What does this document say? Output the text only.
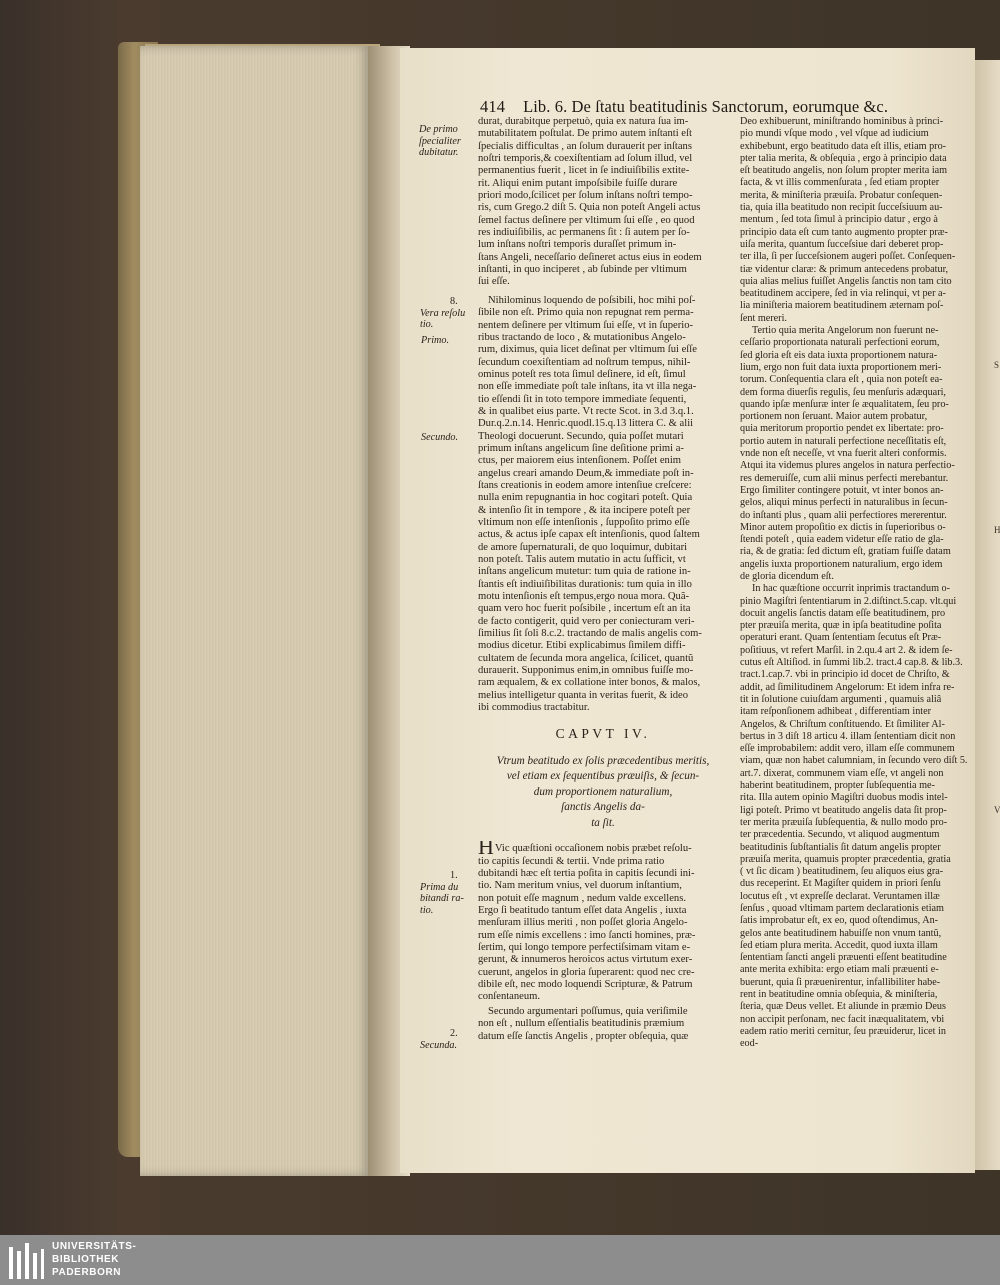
S
H
V
414 Lib. 6. De ſtatu beatitudinis Sanctorum, eorumque &c.
De primo
ſpecialiter
dubitatur.
8.
Vera reſolu
tio.
Primo.
Secundo.
1.
Prima du
bitandi ra-
tio.
2.
Secunda.
durat, durabitque perpetuò, quia ex natura ſua im-
mutabilitatem poſtulat. De primo autem inſtanti eſt
ſpecialis difficultas , an ſolum durauerit per inſtans
noſtri temporis,& coexiſtentiam ad ſolum illud, vel
permanentius fuerit , licet in ſe indiuiſibilis extite-
rit. Aliqui enim putant impoſsibile fuiſſe durare
priori modo,ſcilicet per ſolum inſtans noſtri tempo-
ris, cum Grego.2 diſt 5. Quia non poteſt Angeli actus
ſemel factus deſinere per vltimum ſui eſſe , eo quod
res indiuiſibilis, ac permanens ſit : ſi autem per ſo-
lum inſtans noſtri temporis duraſſet primum in-
ſtans Angeli, neceſſario deſineret actus eius in eodem
inſtanti, in quo inciperet , ab ſubinde per vltimum
ſui eſſe.
Nihilominus loquendo de poſsibili, hoc mihi poſ-
ſibile non eſt. Primo quia non repugnat rem perma-
nentem deſinere per vltimum ſui eſſe, vt in ſuperio-
ribus tractando de loco , & mutationibus Angelo-
rum, diximus, quia licet deſinat per vltimum ſui eſſe
ſecundum coexiſtentiam ad noſtrum tempus, nihil-
ominus poteſt res tota ſimul deſinere, id eſt, ſimul
non eſſe immediate poſt tale inſtans, ita vt illa nega-
tio eſſendi ſit in toto tempore immediate ſequenti,
& in qualibet eius parte. Vt recte Scot. in 3.d 3.q.1.
Dur.q.2.n.14. Henric.quodl.15.q.13 littera C. & alii
Theologi docuerunt. Secundo, quia poſſet mutari
primum inſtans angelicum ſine deſitione primi a-
ctus, per maiorem eius intenſionem. Poſſet enim
angelus creari amando Deum,& immediate poſt in-
ſtans creationis in eodem amore intenſiue creſcere:
nulla enim repugnantia in hoc cogitari poteſt. Quia
& intenſio ſit in tempore , & ita incipere poteſt per
vltimum non eſſe intenſionis , ſuppoſito primo eſſe
actus, & actus ipſe capax eſt intenſionis, quod ſaltem
de amore ſupernaturali, de quo loquimur, dubitari
non poteſt. Talis autem mutatio in actu ſufficit, vt
inſtans angelicum mutetur: tum quia de ratione in-
ſtantis eſt indiuiſibilitas durationis: tum quia in illo
motu intenſionis eſt tempus,ergo noua mora. Quã-
quam vero hoc fuerit poſsibile , incertum eſt an ita
de facto contigerit, quid vero per coniecturam veri-
ſimilius ſit ſoli 8.c.2. tractando de malis angelis com-
modius dicetur. Etibi explicabimus ſimilem diffi-
cultatem de ſecunda mora angelica, ſcilicet, quantũ
durauerit. Supponimus enim,in omnibus fuiſſe mo-
ram æqualem, & ex collatione inter bonos, & malos,
melius intelligetur quanta in veritas fuerit, & ideo
ibi commodius tractabitur.
CAPVT IV.
Vtrum beatitudo ex ſolis præcedentibus meritis,
vel etiam ex ſequentibus præuiſis, & ſecun-
dum proportionem naturalium,
ſanctis Angelis da-
ta ſit.
HVic quæſtioni occaſionem nobis præbet reſolu-
tio capitis ſecundi & tertii. Vnde prima ratio
dubitandi hæc eſt tertia poſita in capitis ſecundi ini-
tio. Nam meritum vnius, vel duorum inſtantium,
non potuit eſſe magnum , nedum valde excellens.
Ergo ſi beatitudo tantum eſſet data Angelis , iuxta
menſuram illius meriti , non poſſet gloria Angelo-
rum eſſe nimis excellens : imo ſancti homines, præ-
ſertim, qui longo tempore perfectiſsimam vitam e-
gerunt, & innumeros heroicos actus virtutum exer-
cuerunt, angelos in gloria ſuperarent: quod nec cre-
dibile eſt, nec modo loquendi Scripturæ, & Patrum
conſentaneum.
Secundo argumentari poſſumus, quia veriſimile
non eſt , nullum eſſentialis beatitudinis præmium
datum eſſe ſanctis Angelis , propter obſequia, quæ
Deo exhibuerunt, miniſtrando hominibus à princi-
pio mundi vſque modo , vel vſque ad iudicium
exhibebunt, ergo beatitudo data eſt illis, etiam pro-
pter talia merita, & obſequia , ergo à principio data
eſt beatitudo angelis, non ſolum propter merita iam
facta, & vt illis commenſurata , ſed etiam propter
merita, & miniſteria præuiſa. Probatur conſequen-
tia, quia illa beatitudo non recipit ſucceſsiuum au-
mentum , ſed tota ſimul à principio datur , ergo à
principio data eſt cum tanto augmento propter præ-
uiſa merita, quantum ſucceſsiue dari deberet prop-
ter illa, ſi per ſucceſsionem augeri poſſet. Conſequen-
tiæ videntur claræ: & primum antecedens probatur,
quia alias melius fuiſſet Angelis ſanctis non tam cito
beatitudinem accipere, ſed in via relinqui, vt per a-
lia miniſteria maiorem beatitudinem æternam poſ-
ſent mereri.
Tertio quia merita Angelorum non fuerunt ne-
ceſſario proportionata naturali perfectioni eorum,
ſed gloria eſt eis data iuxta proportionem natura-
lium, ergo non fuit data iuxta proportionem meri-
torum. Conſequentia clara eſt , quia non poteſt ea-
dem forma diuerſis regulis, ſeu menſuris adæquari,
quando ipſæ menſuræ inter ſe æqualitatem, ſeu pro-
portionem non ſeruant. Maior autem probatur,
quia meritorum proportio pendet ex libertate: pro-
portio autem in naturali perfectione neceſſitatis eſt,
vnde non eſt neceſſe, vt vna fuerit alteri conformis.
Atqui ita videmus plures angelos in natura perfectio-
res demeruiſſe, cum alii minus perfecti merebantur.
Ergo ſimiliter contingere potuit, vt inter bonos an-
gelos, aliqui minus perfecti in naturalibus in ſecun-
do inſtanti plus , quam alii perfectiores mererentur.
Minor autem propoſitio ex dictis in ſuperioribus o-
ſtendi poteſt , quia eadem videtur eſſe ratio de gla-
ria, & de gratia: ſed dictum eſt, gratiam fuiſſe datam
angelis iuxta proportionem naturalium, ergo idem
de gloria dicendum eſt.
In hac quæſtione occurrit inprimis tractandum o-
pinio Magiſtri ſententiarum in 2.diſtinct.5.cap. vlt.qui
docuit angelis ſanctis datam eſſe beatitudinem, pro
pter præuiſa merita, quæ in ipſa beatitudine poſita
operaturi erant. Quam ſententiam ſecutus eſt Præ-
poſitiuus, vt refert Marſil. in 2.qu.4 art 2. & idem ſe-
cutus eſt Altiſiod. in ſummi lib.2. tract.4 cap.8. & lib.3.
tract.1.cap.7. vbi in principio id docet de Chriſto, &
addit, ad ſimilitudinem Angelorum: Et idem infra re-
tit in ſolutione cuiuſdam argumenti , quamuis aliâ
itam reſponſionem adhibeat , differentiam inter
Angelos, & Chriſtum conſtituendo. Et ſimiliter Al-
bertus in 3 diſt 18 articu 4. illam ſententiam dicit non
eſſe improbabilem: addit vero, illam eſſe communem
viam, quæ non habet calumniam, in ſecundo vero diſt 5.
art.7. dixerat, communem viam eſſe, vt angeli non
haberint beatitudinem, propter ſubſequentia me-
rita. Illa autem opinio Magiſtri duobus modis intel-
ligi poteſt. Primo vt beatitudo angelis data ſit prop-
ter merita præuiſa ſubſequentia, & nullo modo pro-
ter præcedentia. Secundo, vt aliquod augmentum
beatitudinis ſubſtantialis ſit datum angelis propter
præuiſa merita, quamuis propter præcedentia, gratia
( vt ſic dicam ) beatitudinem, ſeu aliquos eius gra-
dus receperint. Et Magiſter quidem in priori ſenſu
locutus eſt , vt expreſſe declarat. Veruntamen illæ
ſenſus , quoad vltimam partem declarationis etiam
ſatis improbatur eſt, ex eo, quod oſtendimus, An-
gelos ante beatitudinem habuiſſe non vnum tantũ,
ſed etiam plura merita. Accedit, quod iuxta illam
ſententiam ſancti angeli præuenti eſſent beatitudine
ante merita exhibita: ergo etiam mali præuenti e-
buerunt, quia ſi præuenirentur, infallibiliter habe-
rent in beatitudine omnia obſequia, & miniſteria,
ſteria, quæ Deus vellet. Et aliunde in præmio Deus
non accipit perſonam, nec facit inæqualitatem, vbi
eadem ratio meriti cernitur, ſeu præuiderur, licet in
eod-
UNIVERSITÄTS-
BIBLIOTHEK
PADERBORN
